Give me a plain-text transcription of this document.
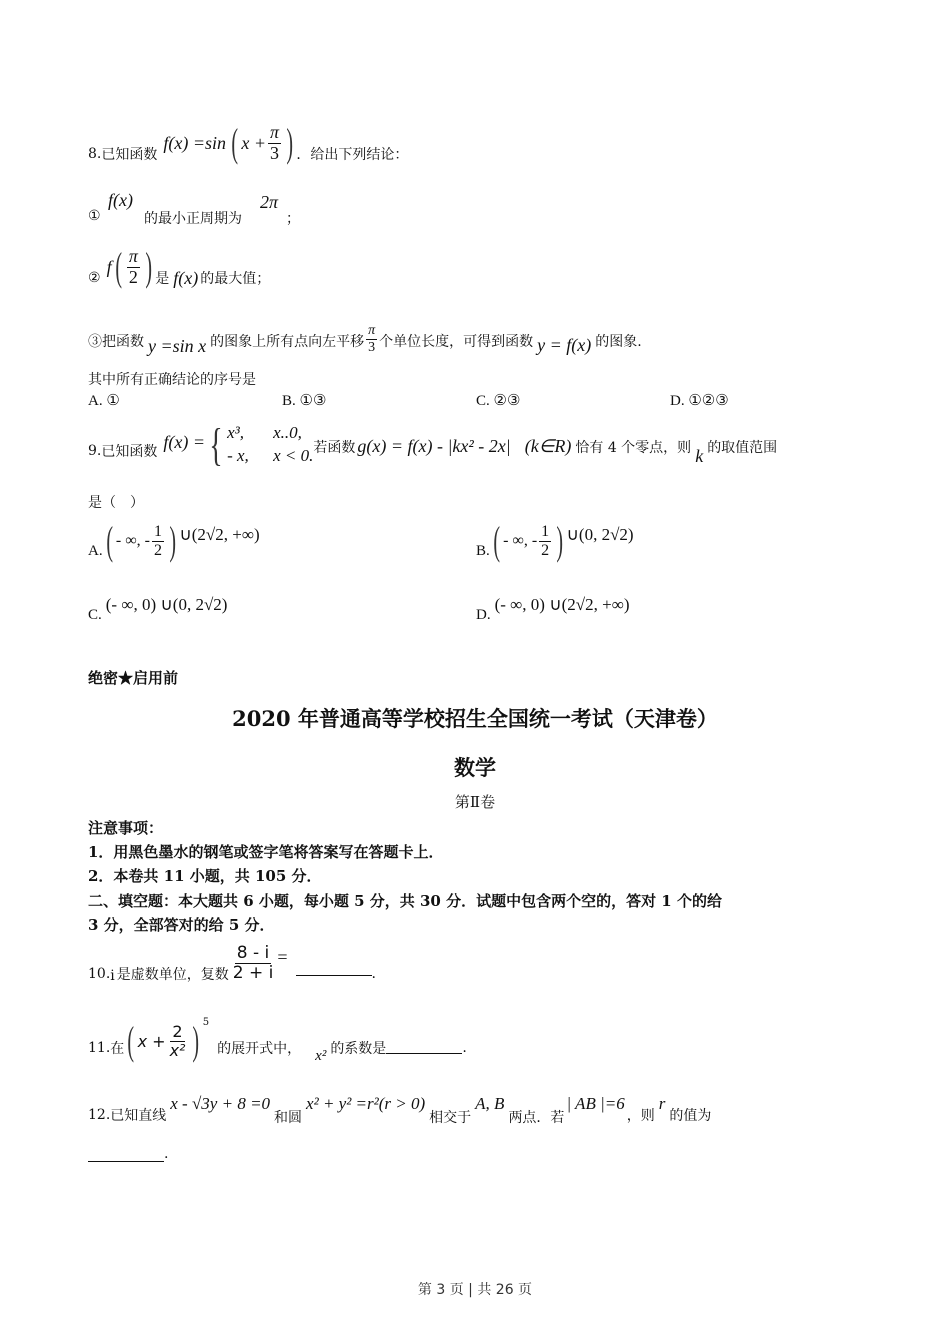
8. 已知函数
f(x) =sin ( $x + \frac{\pi}{3}$ ) ．给出下列结论：
①
f(x)
的最小正周期为
2π
；
②
f ( $\frac{\pi}{2}$ ) 是 f(x) 的最大值；
③把函数 y =sin x 的图象上所有点向左平移 $\frac{\pi}{3}$ 个单位长度，可得到函数 y = f(x) 的图象.
其中所有正确结论的序号是
A. ①	B. ①③	C. ②③	D. ①②③
9. 已知函数
f(x) = { x³, x..0,
- x, x < 0. 若函数 g(x) = f(x) - |kx² - 2x| (k∈R) 恰有 4 个零点，则 k 的取值范围
是（　）
A. ( - ∞, - $\frac{1}{2}$ ) ∪(2√2, +∞)
B. ( - ∞, - $\frac{1}{2}$ ) ∪(0, 2√2)
C.
(- ∞, 0) ∪(0, 2√2)
D.
(- ∞, 0) ∪(2√2, +∞)
绝密★启用前
2020 年普通高等学校招生全国统一考试（天津卷）
数学
第Ⅱ卷
注意事项：
1．用黑色墨水的钢笔或签字笔将答案写在答题卡上．
2．本卷共 11 小题，共 105 分．
二、填空题：本大题共 6 小题，每小题 5 分，共 30 分．试题中包含两个空的，答对 1 个的给
3 分，全部答对的给 5 分．
10. i 是虚数单位，复数 $\frac{8 - i}{2 + i}$ =
.
11. 在 ( $x + \frac{2}{\text{x²}}$ ) 5
的展开式中， x² 的系数是	.
12. 已知直线
x - √3y + 8 =0
和圆
x² + y² =r²(r > 0)
相交于
A, B
两点．若
| AB |=6
，则
r
的值为
.
第 3 页 | 共 26 页
